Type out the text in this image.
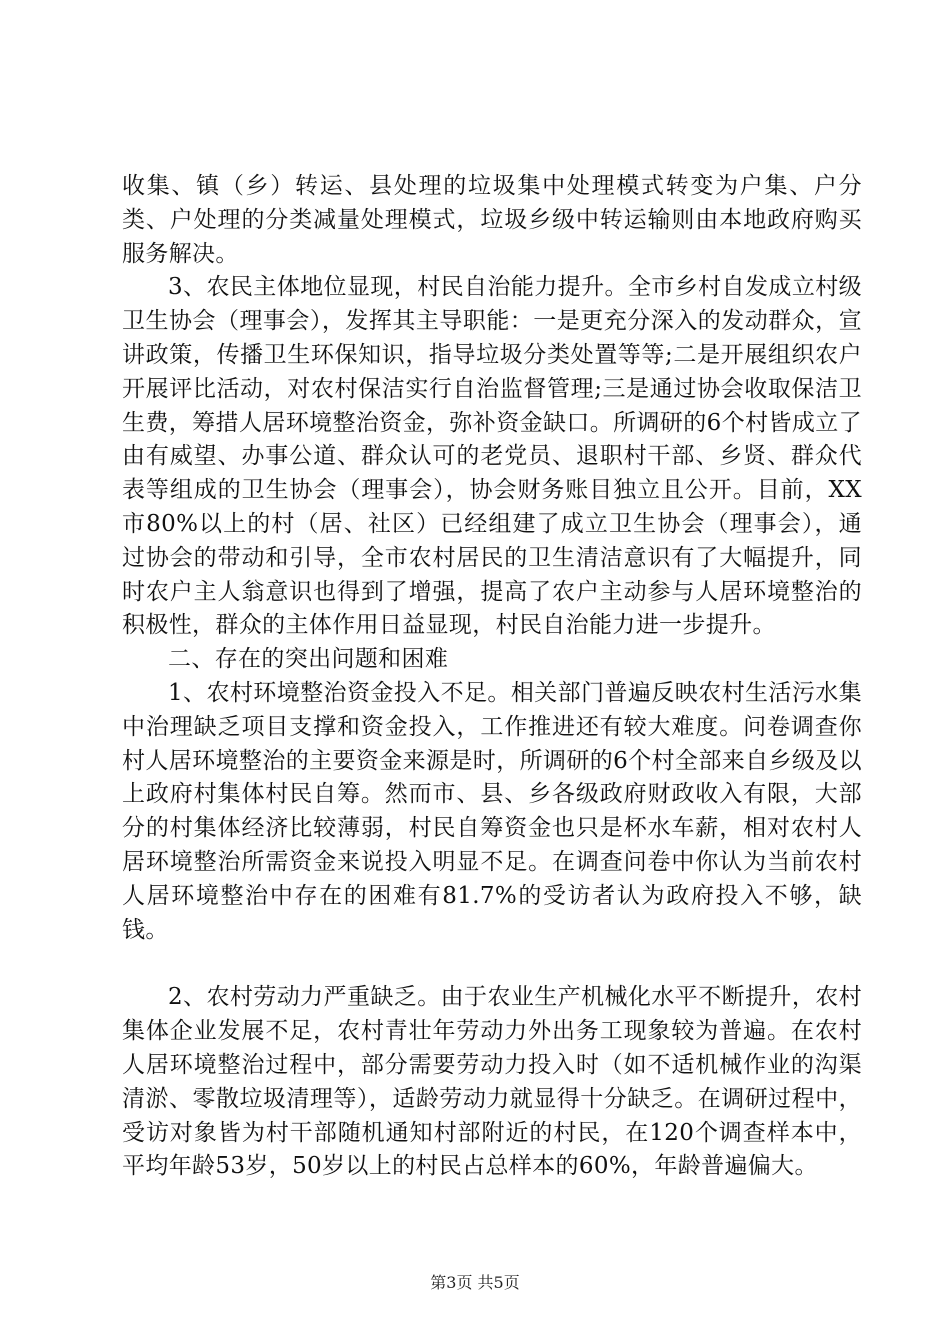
收集、镇（乡）转运、县处理的垃圾集中处理模式转变为户集、户分类、户处理的分类减量处理模式，垃圾乡级中转运输则由本地政府购买服务解决。

3、农民主体地位显现，村民自治能力提升。全市乡村自发成立村级卫生协会（理事会），发挥其主导职能：一是更充分深入的发动群众，宣讲政策，传播卫生环保知识，指导垃圾分类处置等等;二是开展组织农户开展评比活动，对农村保洁实行自治监督管理;三是通过协会收取保洁卫生费，筹措人居环境整治资金，弥补资金缺口。所调研的6个村皆成立了由有威望、办事公道、群众认可的老党员、退职村干部、乡贤、群众代表等组成的卫生协会（理事会），协会财务账目独立且公开。目前，XX市80%以上的村（居、社区）已经组建了成立卫生协会（理事会），通过协会的带动和引导，全市农村居民的卫生清洁意识有了大幅提升，同时农户主人翁意识也得到了增强，提高了农户主动参与人居环境整治的积极性，群众的主体作用日益显现，村民自治能力进一步提升。

二、存在的突出问题和困难

1、农村环境整治资金投入不足。相关部门普遍反映农村生活污水集中治理缺乏项目支撑和资金投入，工作推进还有较大难度。问卷调查你村人居环境整治的主要资金来源是时，所调研的6个村全部来自乡级及以上政府村集体村民自筹。然而市、县、乡各级政府财政收入有限，大部分的村集体经济比较薄弱，村民自筹资金也只是杯水车薪，相对农村人居环境整治所需资金来说投入明显不足。在调查问卷中你认为当前农村人居环境整治中存在的困难有81.7%的受访者认为政府投入不够，缺钱。

2、农村劳动力严重缺乏。由于农业生产机械化水平不断提升，农村集体企业发展不足，农村青壮年劳动力外出务工现象较为普遍。在农村人居环境整治过程中，部分需要劳动力投入时（如不适机械作业的沟渠清淤、零散垃圾清理等），适龄劳动力就显得十分缺乏。在调研过程中，受访对象皆为村干部随机通知村部附近的村民，在120个调查样本中，平均年龄53岁，50岁以上的村民占总样本的60%，年龄普遍偏大。

第3页 共5页
